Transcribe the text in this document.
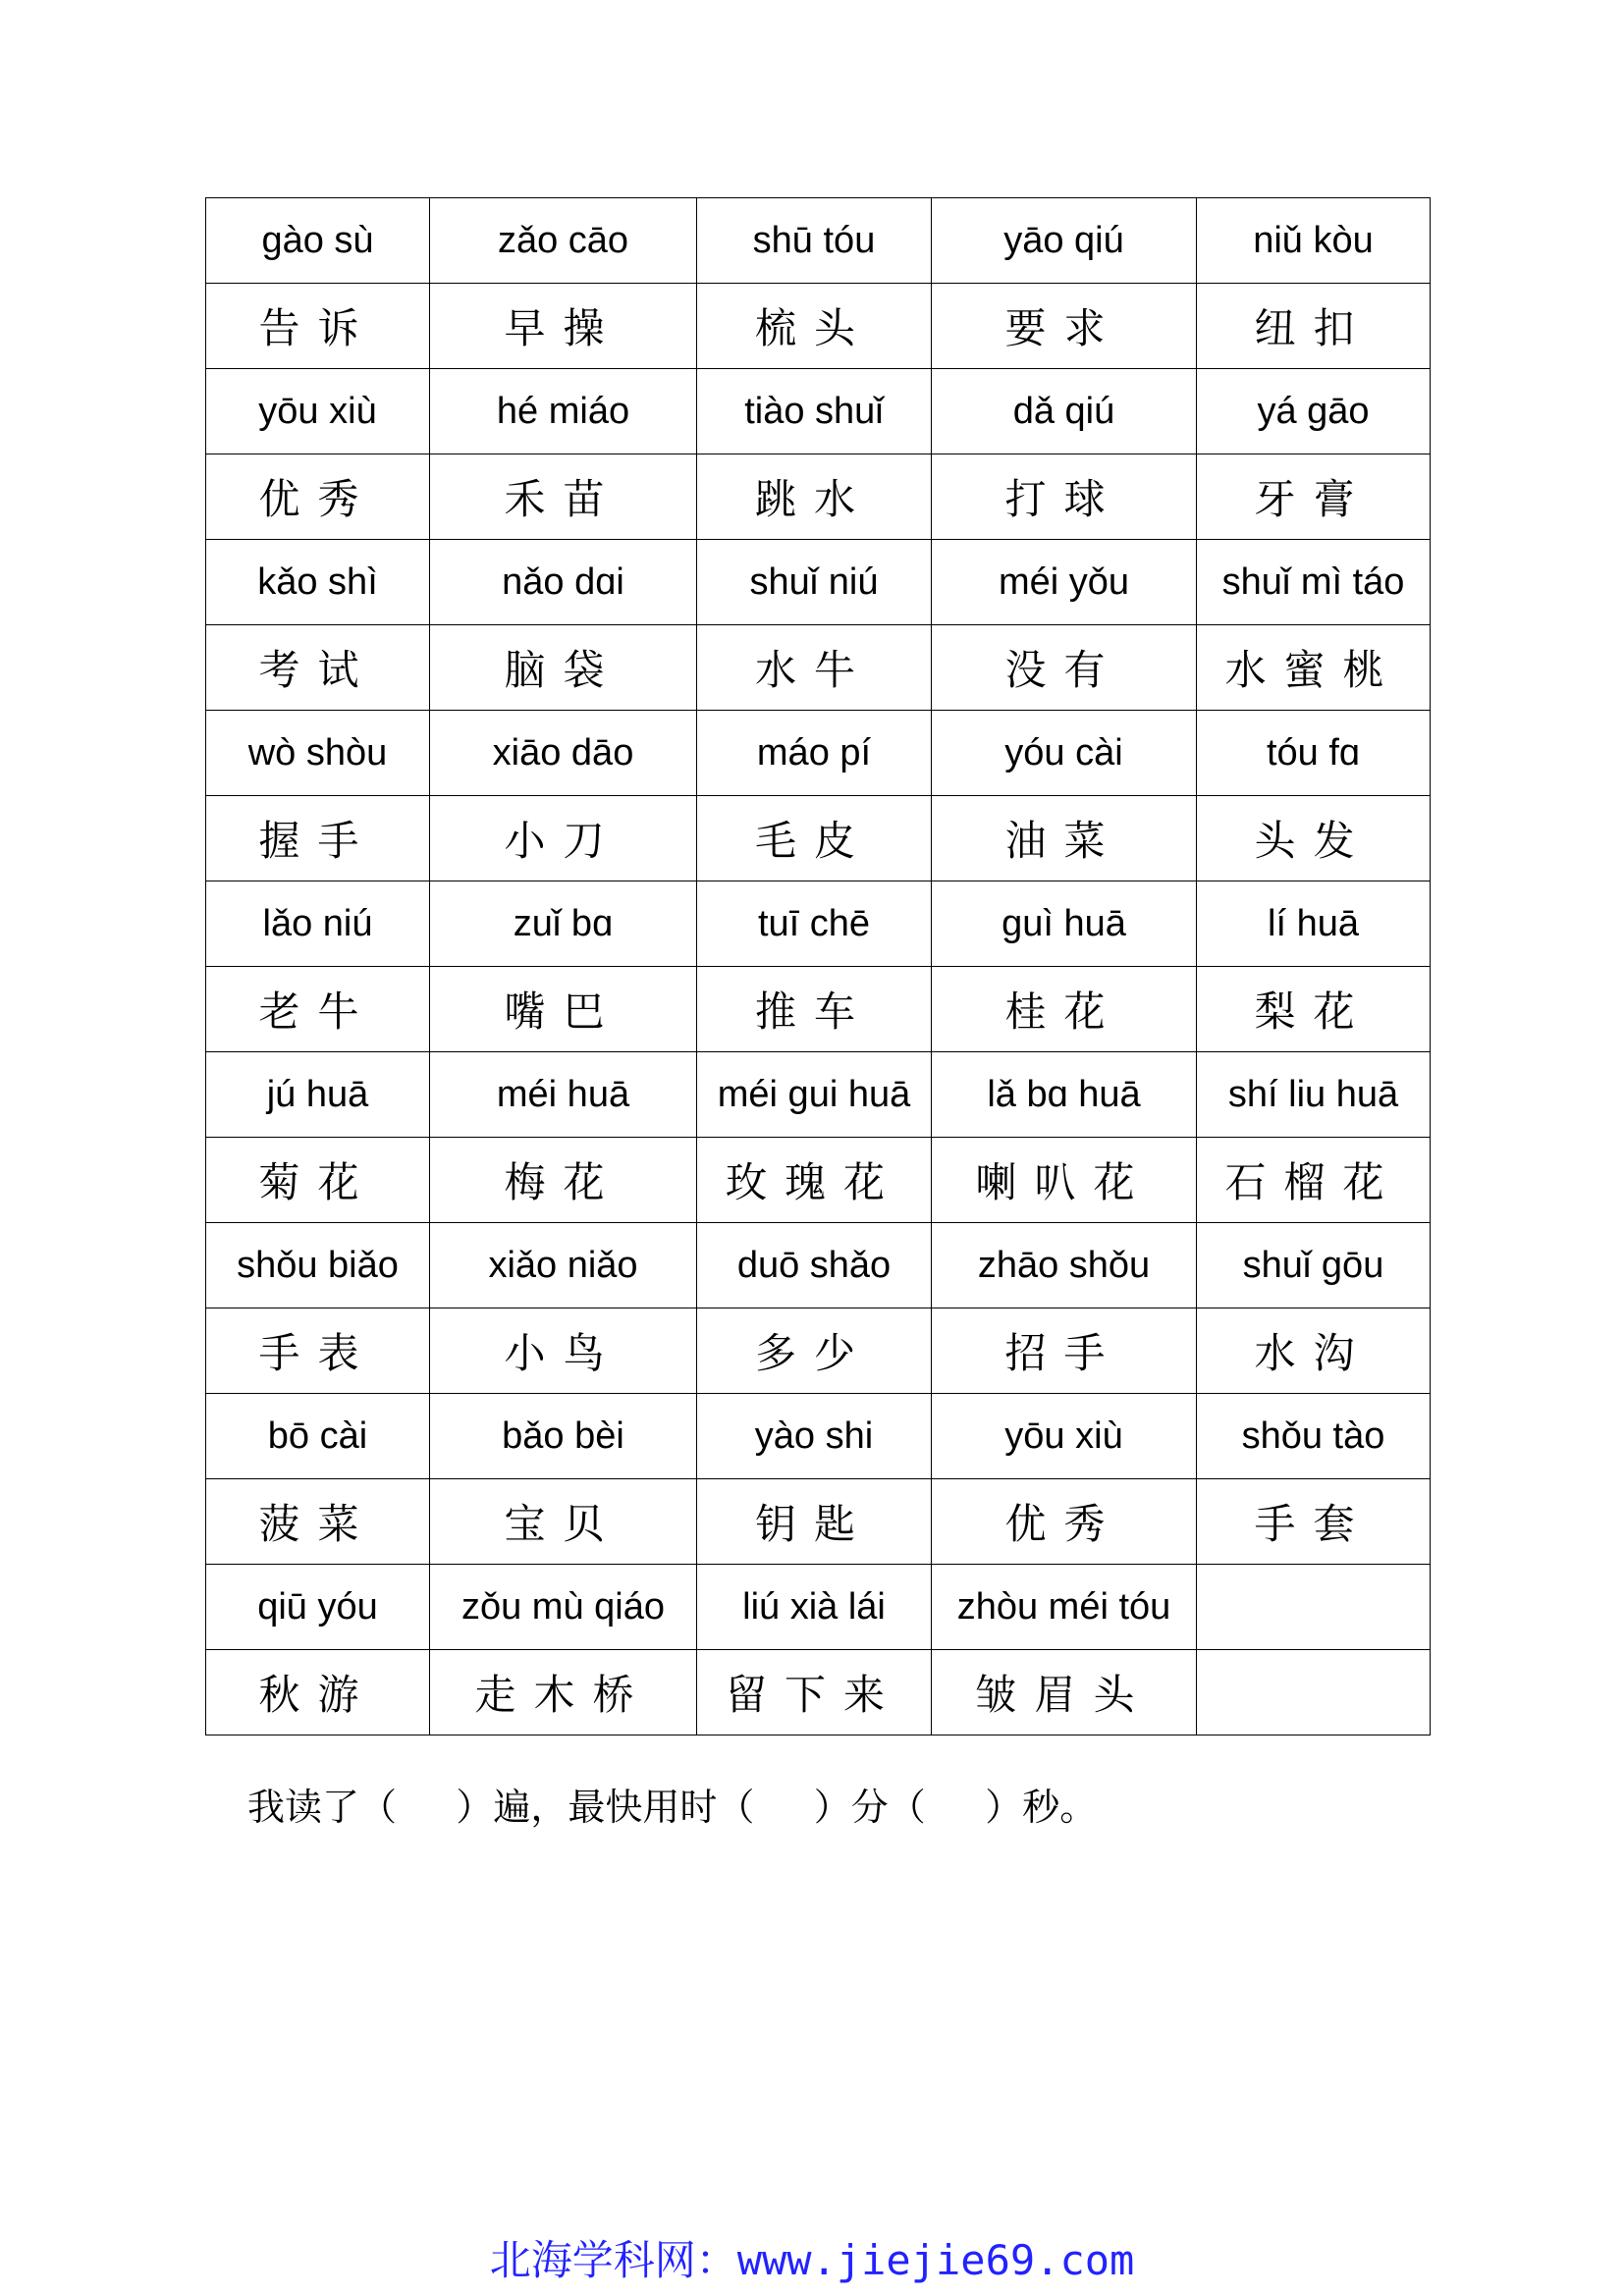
gào sù	zǎo cāo	shū tóu	yāo qiú	niǔ kòu
告诉	早操	梳头	要求	纽扣
yōu xiù	hé miáo	tiào shuǐ	dǎ qiú	yá gāo
优秀	禾苗	跳水	打球	牙膏
kǎo shì	nǎo dɑi	shuǐ niú	méi yǒu	shuǐ mì táo
考试	脑袋	水牛	没有	水蜜桃
wò shòu	xiāo dāo	máo pí	yóu cài	tóu fɑ
握手	小刀	毛皮	油菜	头发
lǎo niú	zuǐ bɑ	tuī chē	guì huā	lí huā
老牛	嘴巴	推车	桂花	梨花
jú huā	méi huā	méi gui huā	lǎ bɑ huā	shí liu huā
菊花	梅花	玫瑰花	喇叭花	石榴花
shǒu biǎo	xiǎo niǎo	duō shǎo	zhāo shǒu	shuǐ gōu
手表	小鸟	多少	招手	水沟
bō cài	bǎo bèi	yào shi	yōu xiù	shǒu tào
菠菜	宝贝	钥匙	优秀	手套
qiū yóu	zǒu mù qiáo	liú xià lái	zhòu méi tóu	
秋游	走木桥	留下来	皱眉头	
我读了（     ）遍，最快用时（     ）分（     ）秒。
北海学科网：www.jiejie69.com
